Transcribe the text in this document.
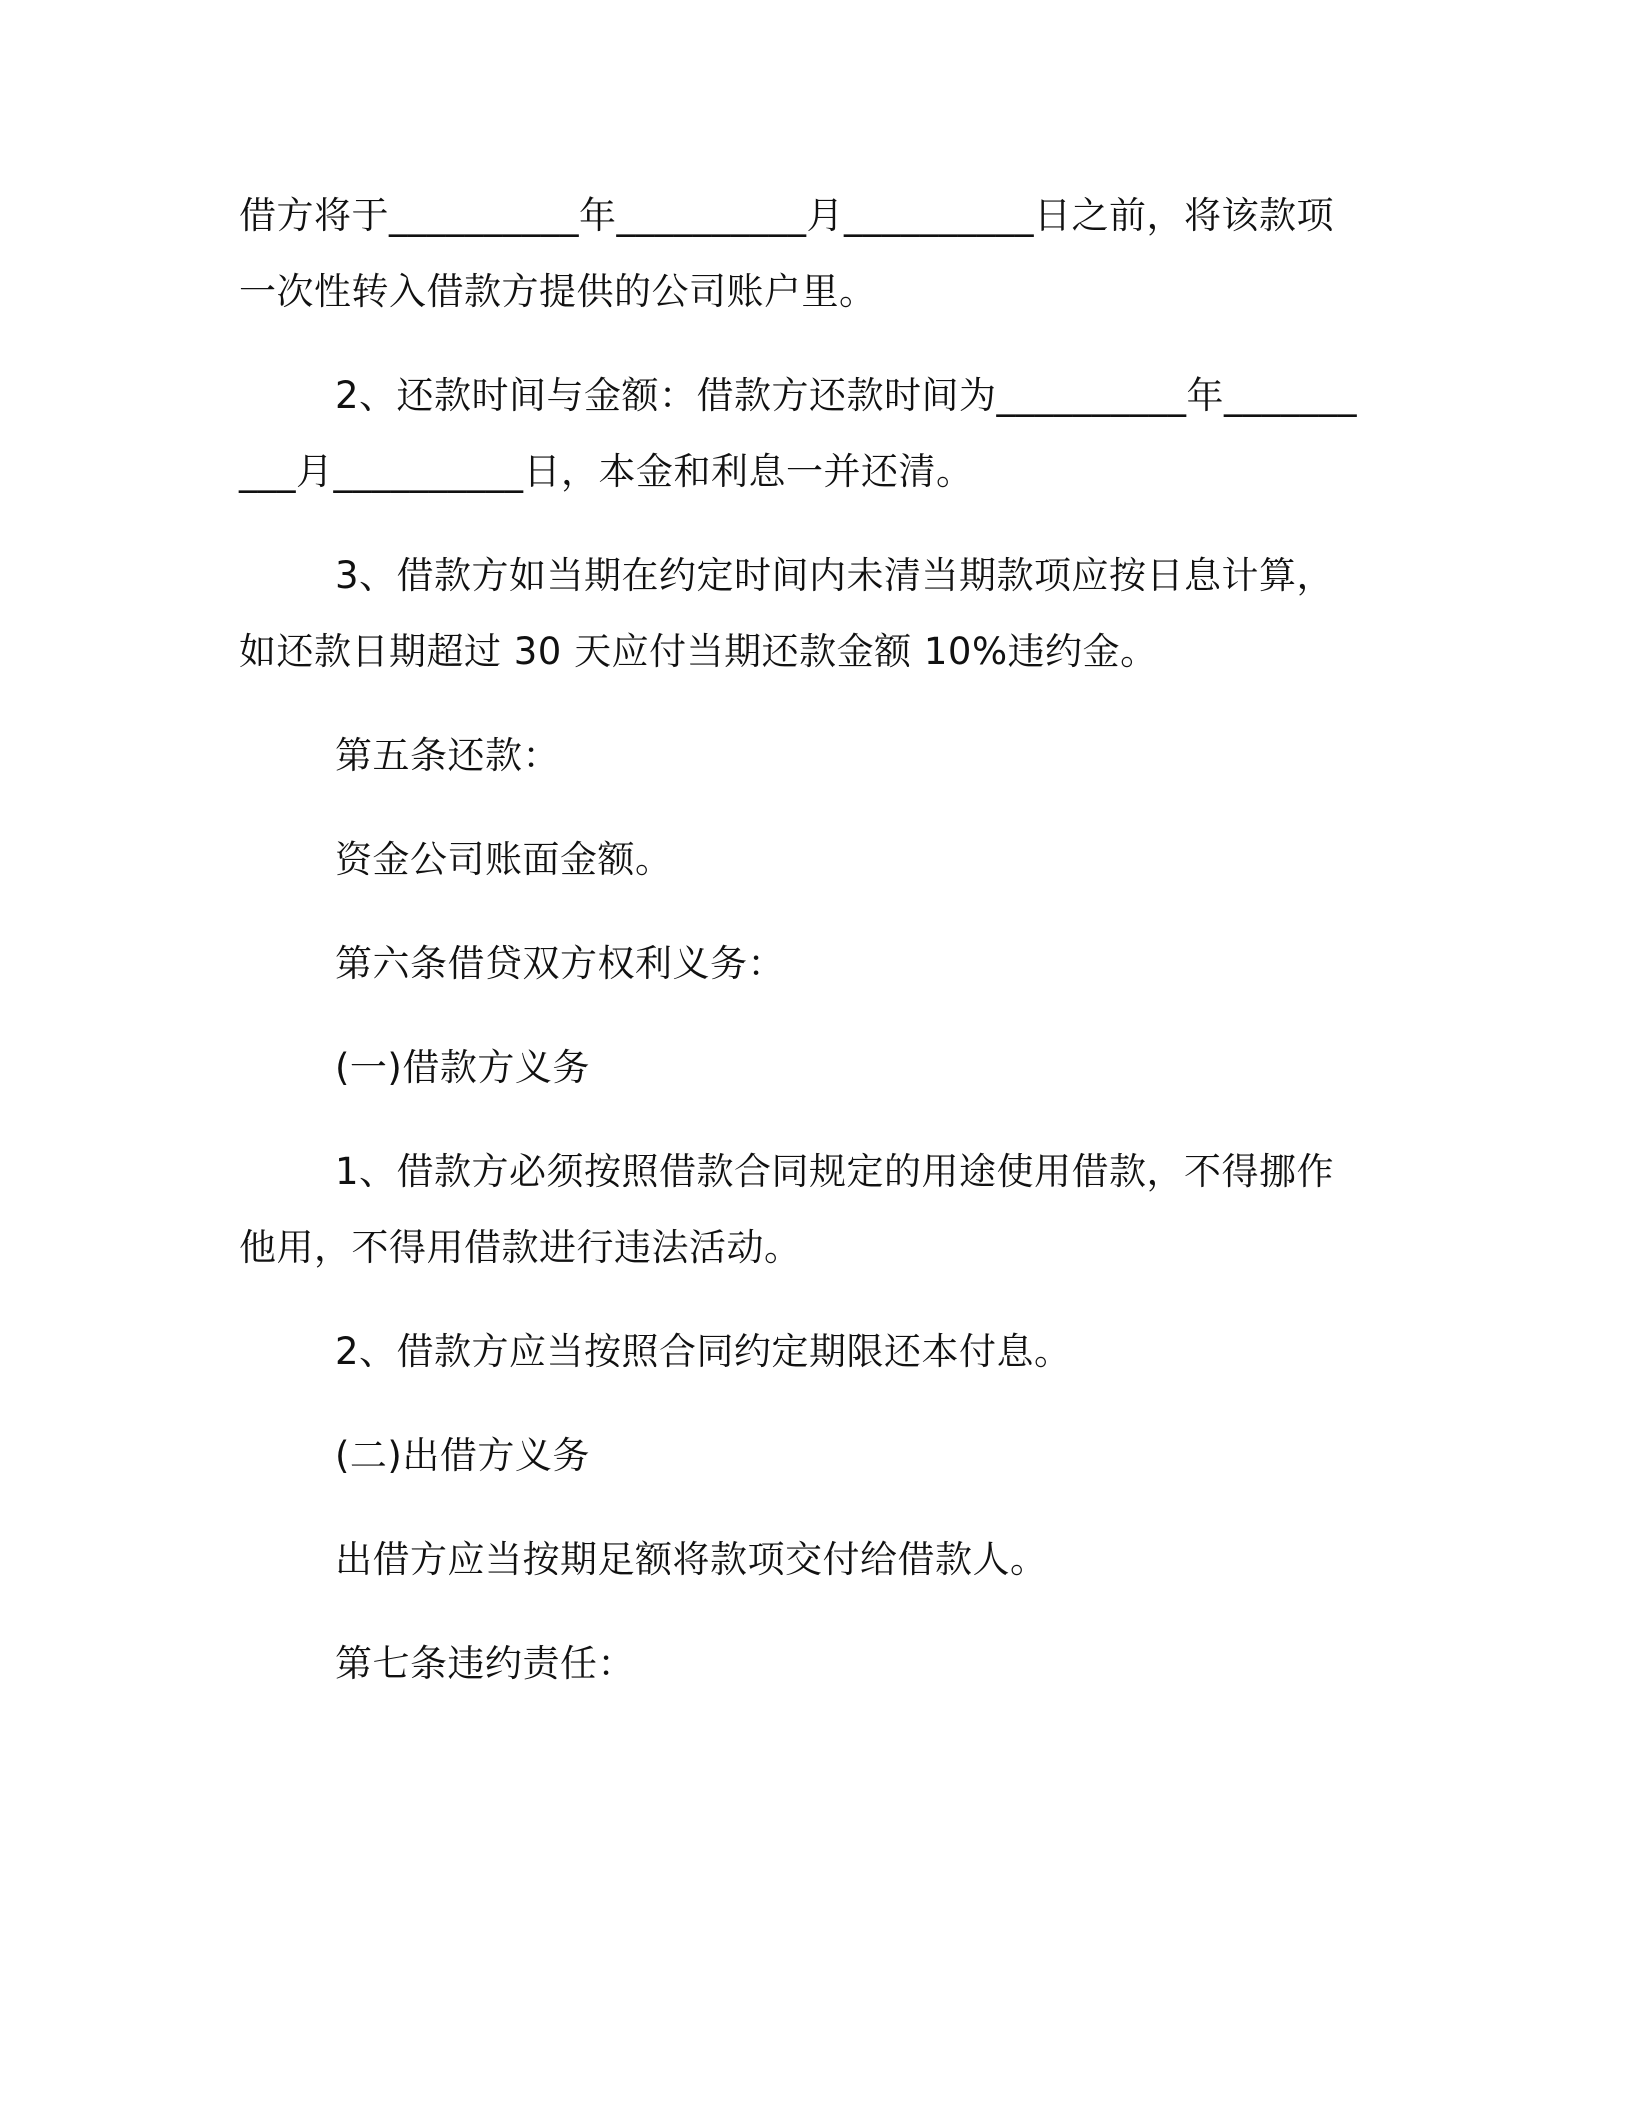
借方将于__________年__________月__________日之前，将该款项一次性转入借款方提供的公司账户里。

2、还款时间与金额：借款方还款时间为__________年__________月__________日，本金和利息一并还清。

3、借款方如当期在约定时间内未清当期款项应按日息计算，如还款日期超过 30 天应付当期还款金额 10%违约金。

第五条还款：

资金公司账面金额。

第六条借贷双方权利义务：

(一)借款方义务

1、借款方必须按照借款合同规定的用途使用借款，不得挪作他用，不得用借款进行违法活动。

2、借款方应当按照合同约定期限还本付息。

(二)出借方义务

出借方应当按期足额将款项交付给借款人。

第七条违约责任：
